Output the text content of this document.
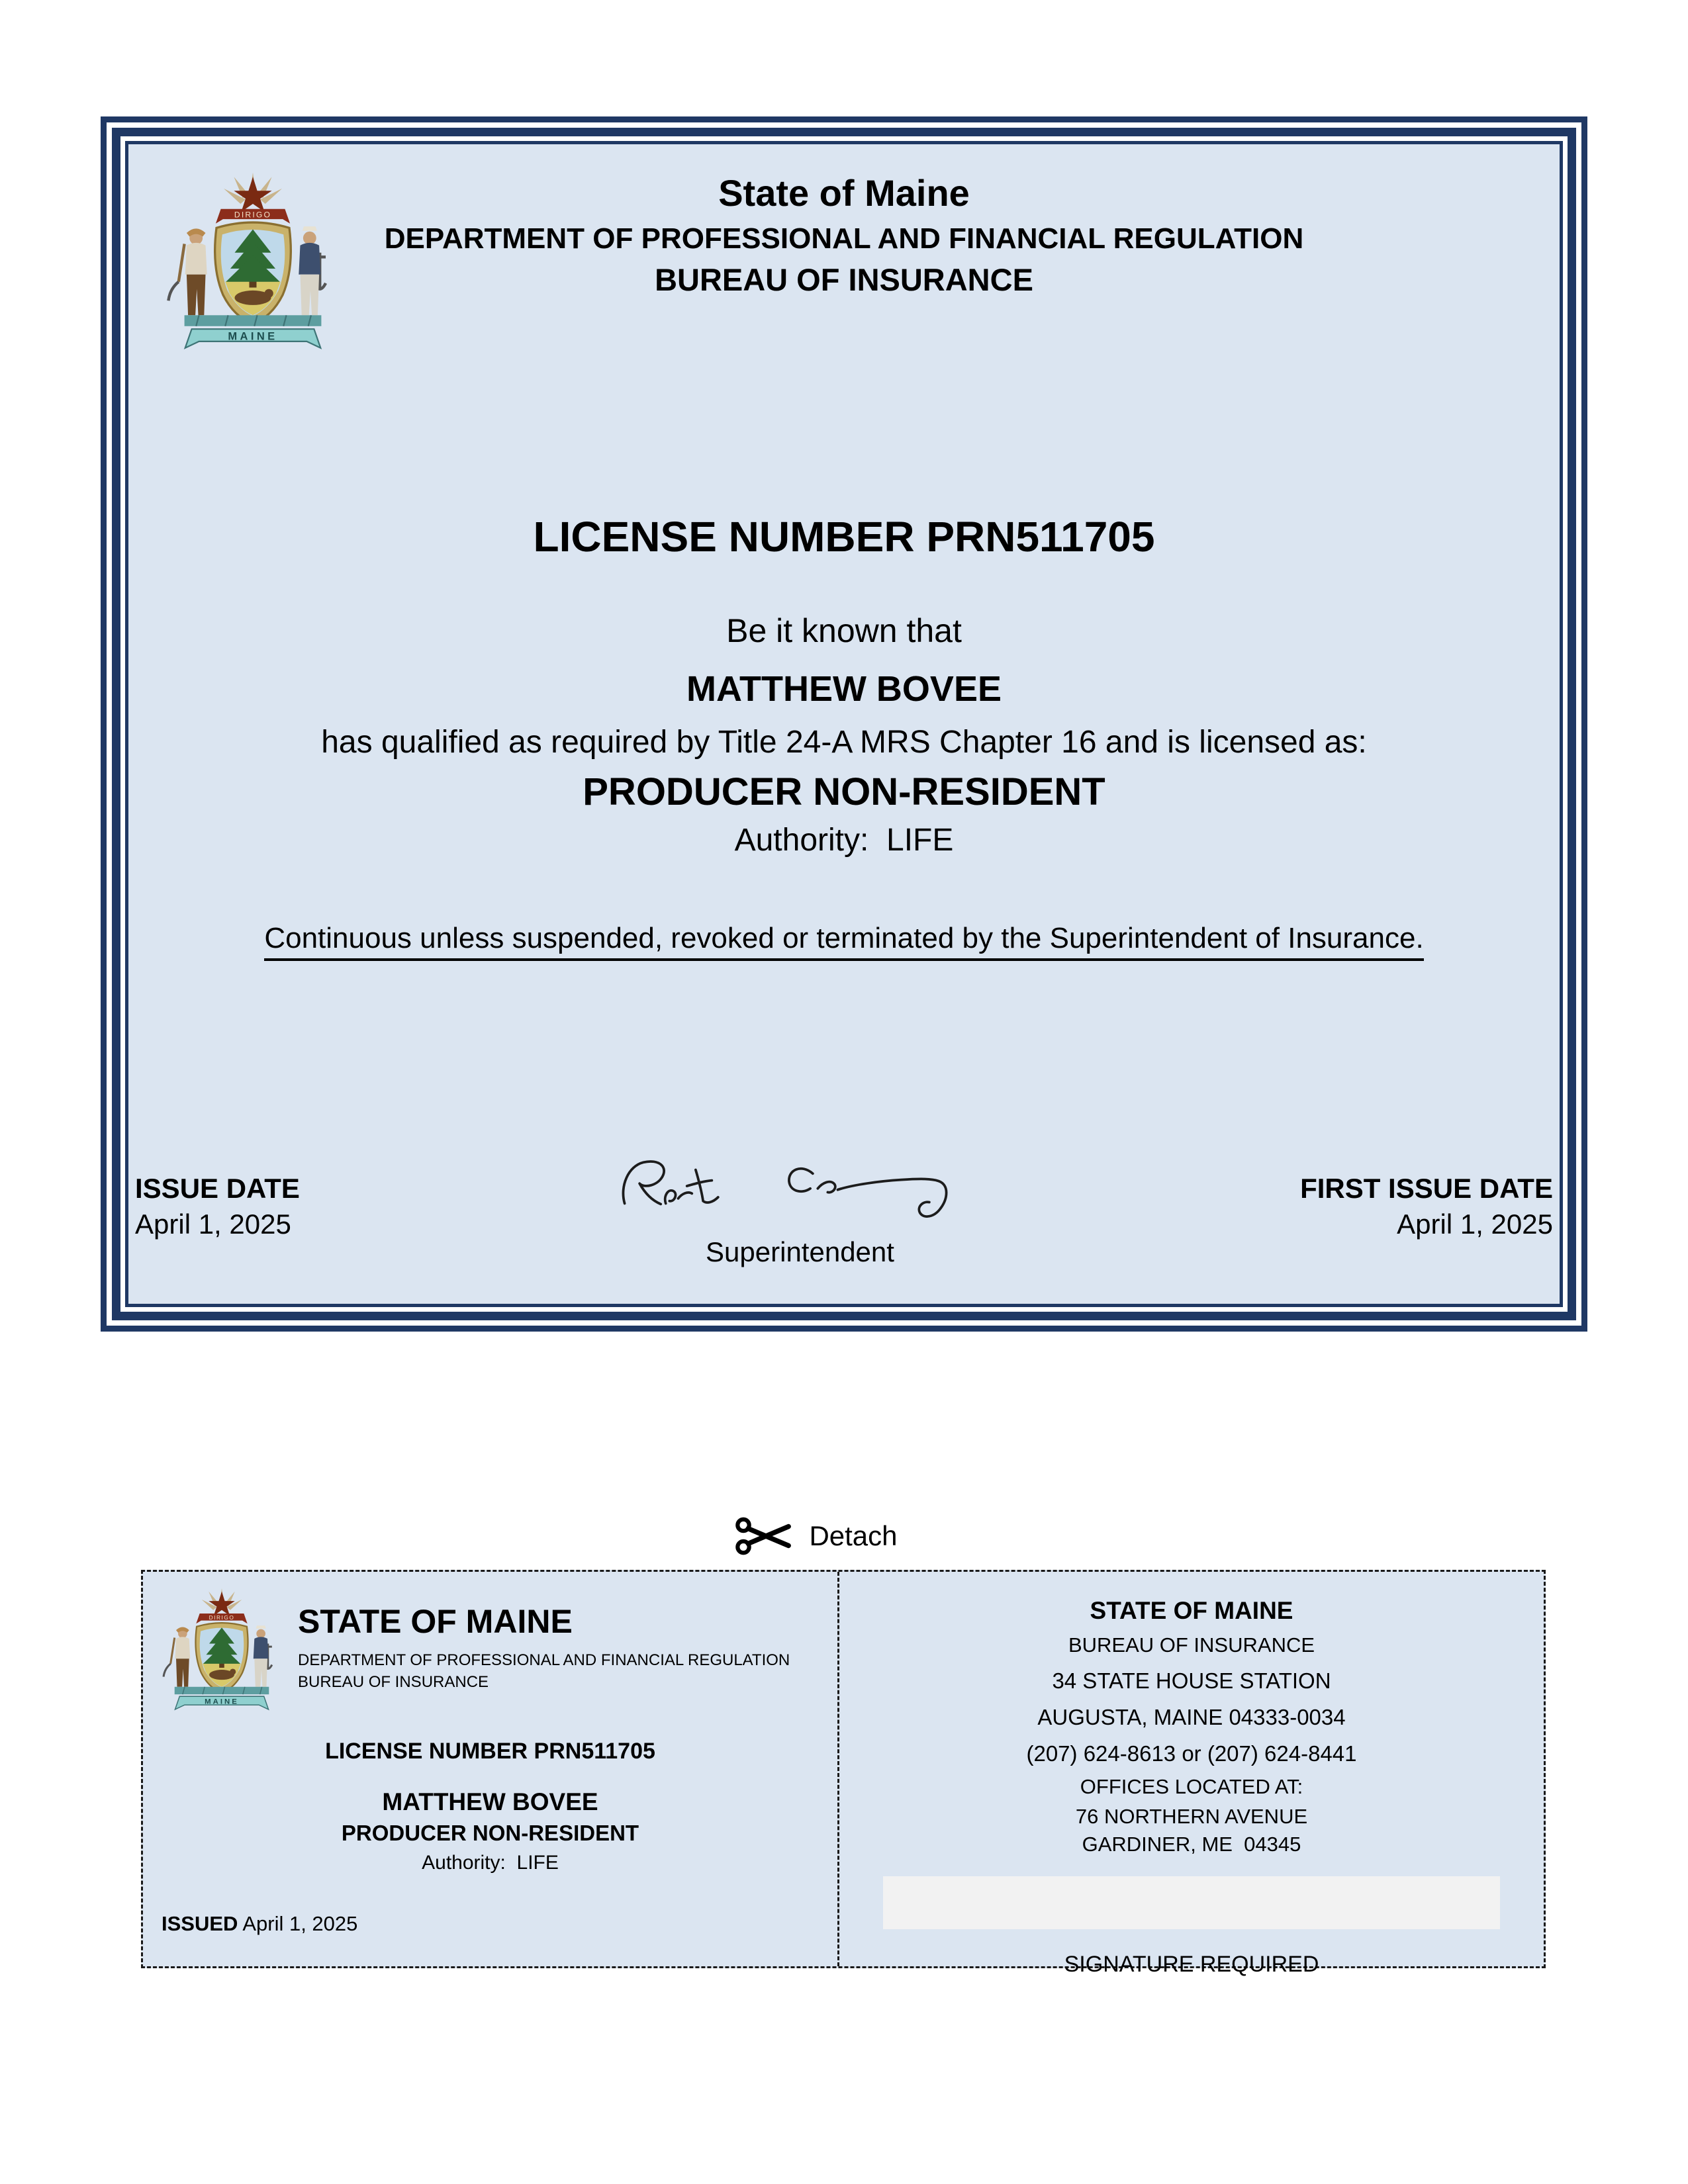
State of Maine
DEPARTMENT OF PROFESSIONAL AND FINANCIAL REGULATION
BUREAU OF INSURANCE
LICENSE NUMBER PRN511705
Be it known that
MATTHEW BOVEE
has qualified as required by Title 24-A MRS Chapter 16 and is licensed as:
PRODUCER NON-RESIDENT
Authority:  LIFE
Continuous unless suspended, revoked or terminated by the Superintendent of Insurance.
ISSUE DATE
April 1, 2025
Superintendent
FIRST ISSUE DATE
April 1, 2025
Detach
STATE OF MAINE
DEPARTMENT OF PROFESSIONAL AND FINANCIAL REGULATION
BUREAU OF INSURANCE
LICENSE NUMBER PRN511705
MATTHEW BOVEE
PRODUCER NON-RESIDENT
Authority:  LIFE
ISSUED April 1, 2025
STATE OF MAINE
BUREAU OF INSURANCE
34 STATE HOUSE STATION
AUGUSTA, MAINE 04333-0034
(207) 624-8613 or (207) 624-8441
OFFICES LOCATED AT:
76 NORTHERN AVENUE
GARDINER, ME  04345
SIGNATURE REQUIRED
